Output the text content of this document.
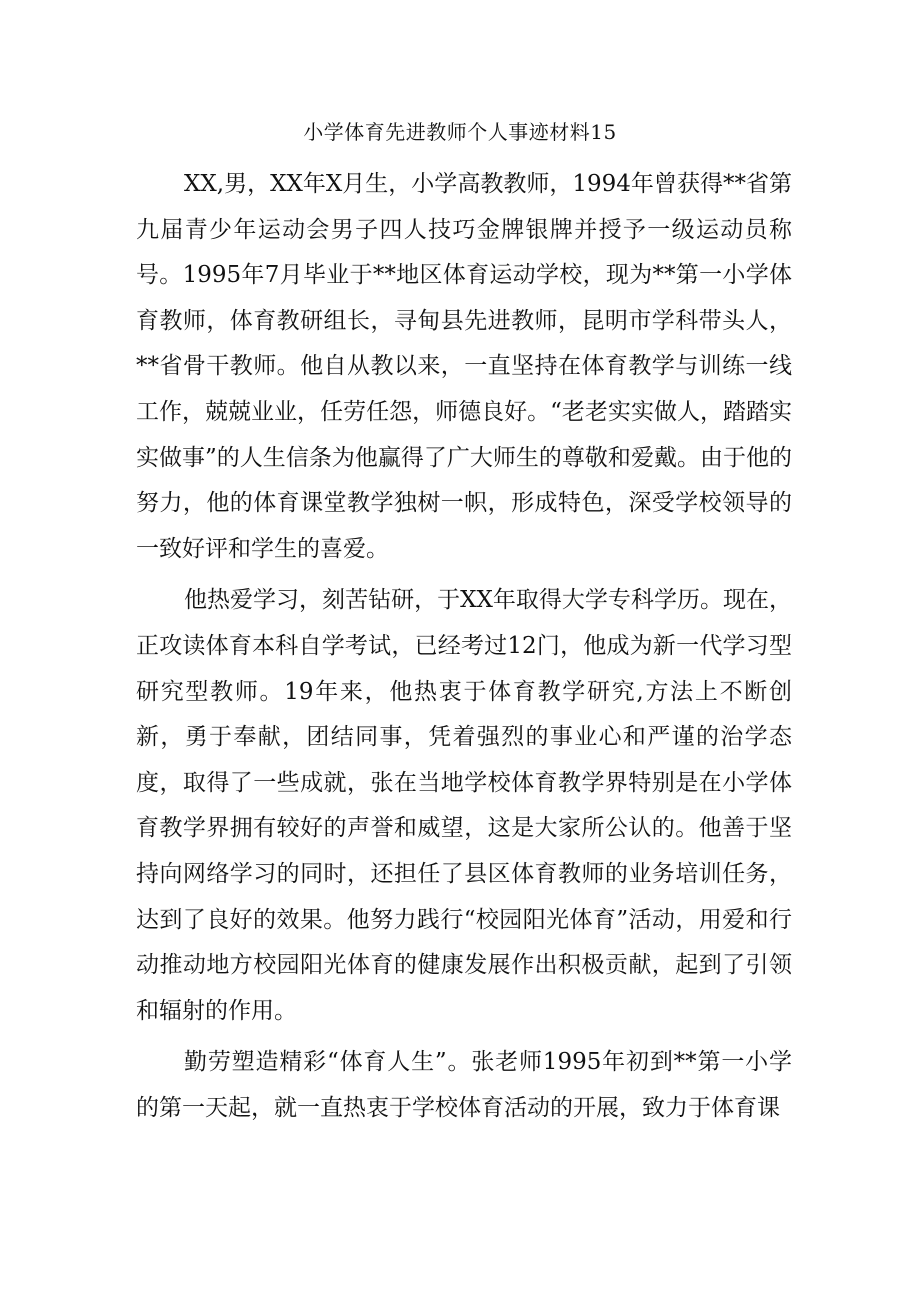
小学体育先进教师个人事迹材料15

XX,男，XX年X月生，小学高教教师，1994年曾获得**省第九届青少年运动会男子四人技巧金牌银牌并授予一级运动员称号。1995年7月毕业于**地区体育运动学校，现为**第一小学体育教师，体育教研组长，寻甸县先进教师，昆明市学科带头人，**省骨干教师。他自从教以来，一直坚持在体育教学与训练一线工作，兢兢业业，任劳任怨，师德良好。“老老实实做人，踏踏实实做事”的人生信条为他赢得了广大师生的尊敬和爱戴。由于他的努力，他的体育课堂教学独树一帜，形成特色，深受学校领导的一致好评和学生的喜爱。

他热爱学习，刻苦钻研，于XX年取得大学专科学历。现在，正攻读体育本科自学考试，已经考过12门，他成为新一代学习型研究型教师。19年来，他热衷于体育教学研究,方法上不断创新，勇于奉献，团结同事，凭着强烈的事业心和严谨的治学态度，取得了一些成就，张在当地学校体育教学界特别是在小学体育教学界拥有较好的声誉和威望，这是大家所公认的。他善于坚持向网络学习的同时，还担任了县区体育教师的业务培训任务，达到了良好的效果。他努力践行“校园阳光体育”活动，用爱和行动推动地方校园阳光体育的健康发展作出积极贡献，起到了引领和辐射的作用。

勤劳塑造精彩“体育人生”。张老师1995年初到**第一小学的第一天起，就一直热衷于学校体育活动的开展，致力于体育课
